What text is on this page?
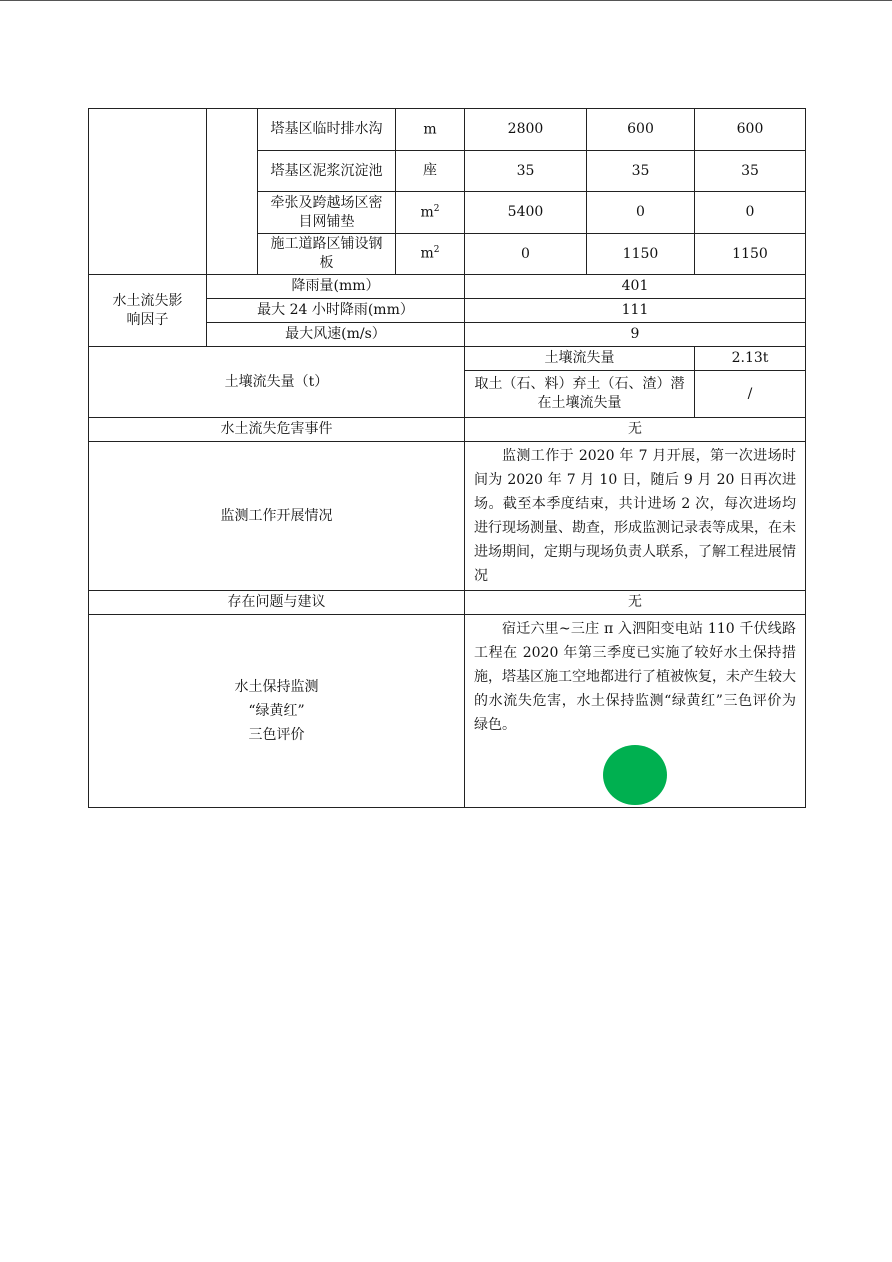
		塔基区临时排水沟	m	2800	600	600
		塔基区泥浆沉淀池	座	35	35	35
		牵张及跨越场区密目网铺垫	$m^2$	5400	0	0
		施工道路区铺设钢板	$m^2$	0	1150	1150
水土流失影响因子	降雨量(mm）			401		
	最大 24 小时降雨(mm）			111		
	最大风速(m/s）			9		
土壤流失量（t）				土壤流失量		2.13t
				取土（石、料）弃土（石、渣）潜在土壤流失量		/
水土流失危害事件				无		
监测工作开展情况				监测工作于 2020 年 7 月开展，第一次进场时间为 2020 年 7 月 10 日，随后 9 月 20 日再次进场。截至本季度结束，共计进场 2 次，每次进场均进行现场测量、勘查，形成监测记录表等成果，在未进场期间，定期与现场负责人联系，了解工程进展情况		
存在问题与建议				无		

水土保持监测
“绿黄红”
三色评价				宿迁六里~三庄 π 入泗阳变电站 110 千伏线路工程在 2020 年第三季度已实施了较好水土保持措施，塔基区施工空地都进行了植被恢复，未产生较大的水流失危害，水土保持监测“绿黄红”三色评价为绿色。		
